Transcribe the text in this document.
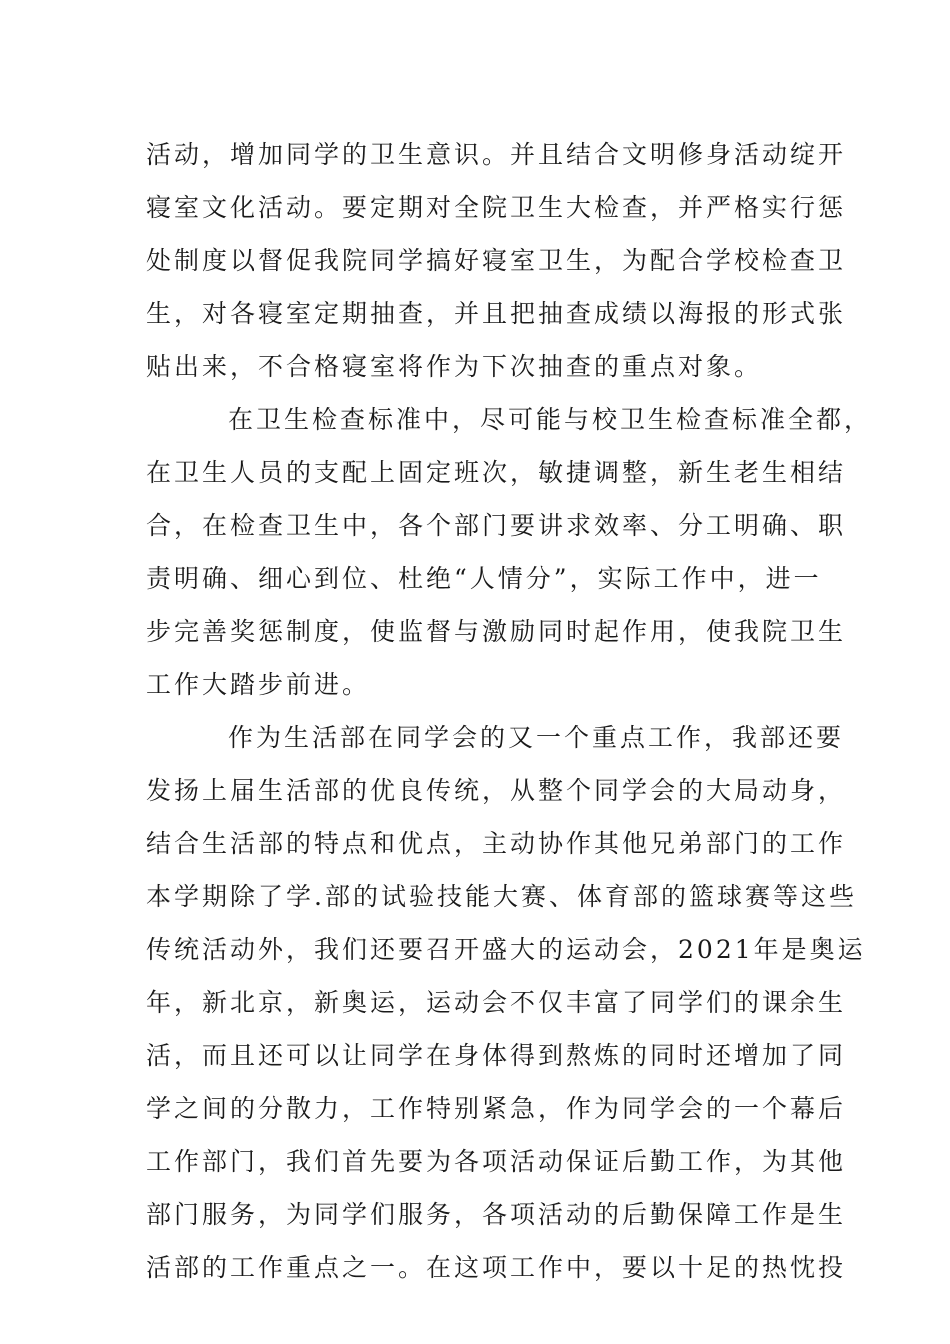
活动，增加同学的卫生意识。并且结合文明修身活动绽开
寝室文化活动。要定期对全院卫生大检查，并严格实行惩
处制度以督促我院同学搞好寝室卫生，为配合学校检查卫
生，对各寝室定期抽查，并且把抽查成绩以海报的形式张
贴出来，不合格寝室将作为下次抽查的重点对象。
在卫生检查标准中，尽可能与校卫生检查标准全都，
在卫生人员的支配上固定班次，敏捷调整，新生老生相结
合，在检查卫生中，各个部门要讲求效率、分工明确、职
责明确、细心到位、杜绝“人情分”，实际工作中，进一
步完善奖惩制度，使监督与激励同时起作用，使我院卫生
工作大踏步前进。
作为生活部在同学会的又一个重点工作，我部还要
发扬上届生活部的优良传统，从整个同学会的大局动身，
结合生活部的特点和优点，主动协作其他兄弟部门的工作
本学期除了学.部的试验技能大赛、体育部的篮球赛等这些
传统活动外，我们还要召开盛大的运动会，2021年是奥运
年，新北京，新奥运，运动会不仅丰富了同学们的课余生
活，而且还可以让同学在身体得到熬炼的同时还增加了同
学之间的分散力，工作特别紧急，作为同学会的一个幕后
工作部门，我们首先要为各项活动保证后勤工作，为其他
部门服务，为同学们服务，各项活动的后勤保障工作是生
活部的工作重点之一。在这项工作中，要以十足的热忱投
